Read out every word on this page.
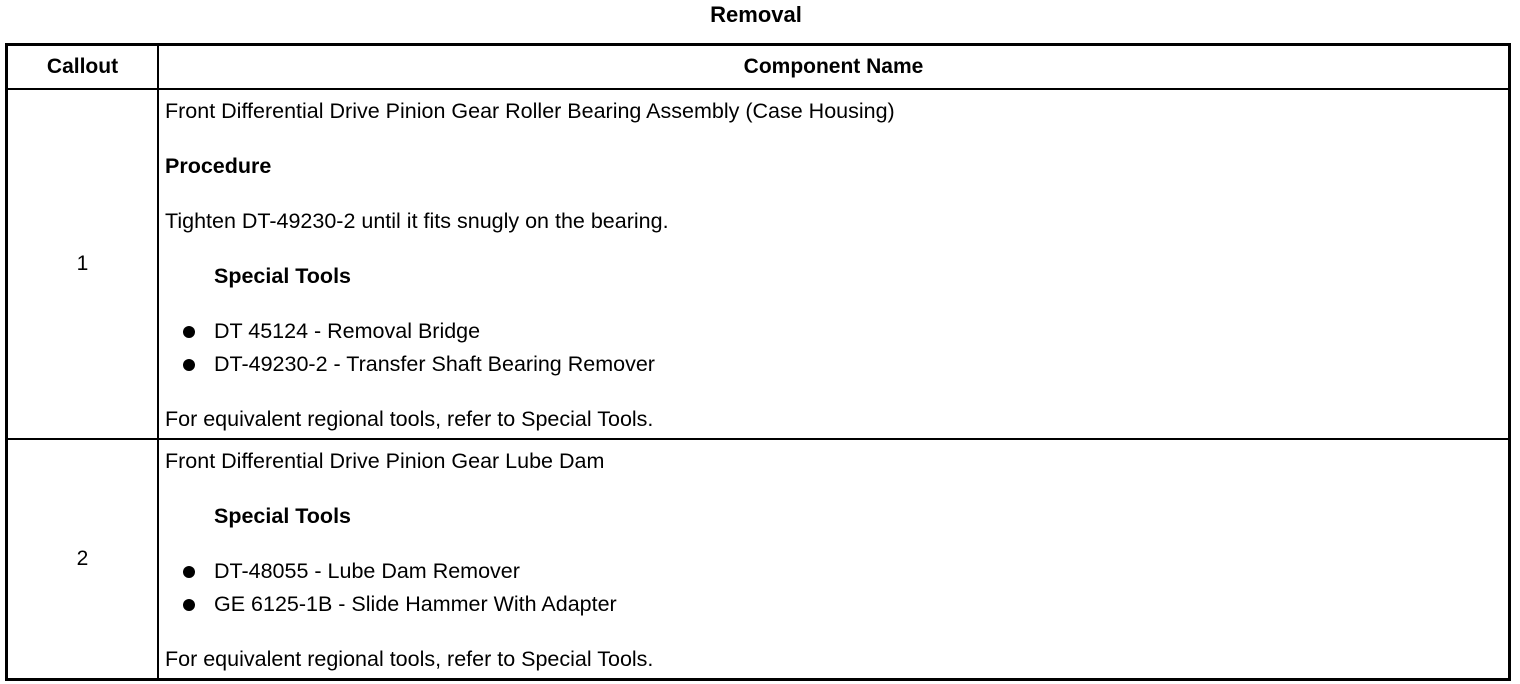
Removal
Callout	Component Name
1

Front Differential Drive Pinion Gear Roller Bearing Assembly (Case Housing)

Procedure

Tighten DT-49230-2 until it fits snugly on the bearing.

Special Tools

DT 45124 - Removal Bridge
DT-49230-2 - Transfer Shaft Bearing Remover

For equivalent regional tools, refer to Special Tools.

2

Front Differential Drive Pinion Gear Lube Dam

Special Tools

DT-48055 - Lube Dam Remover
GE 6125-1B - Slide Hammer With Adapter

For equivalent regional tools, refer to Special Tools.
